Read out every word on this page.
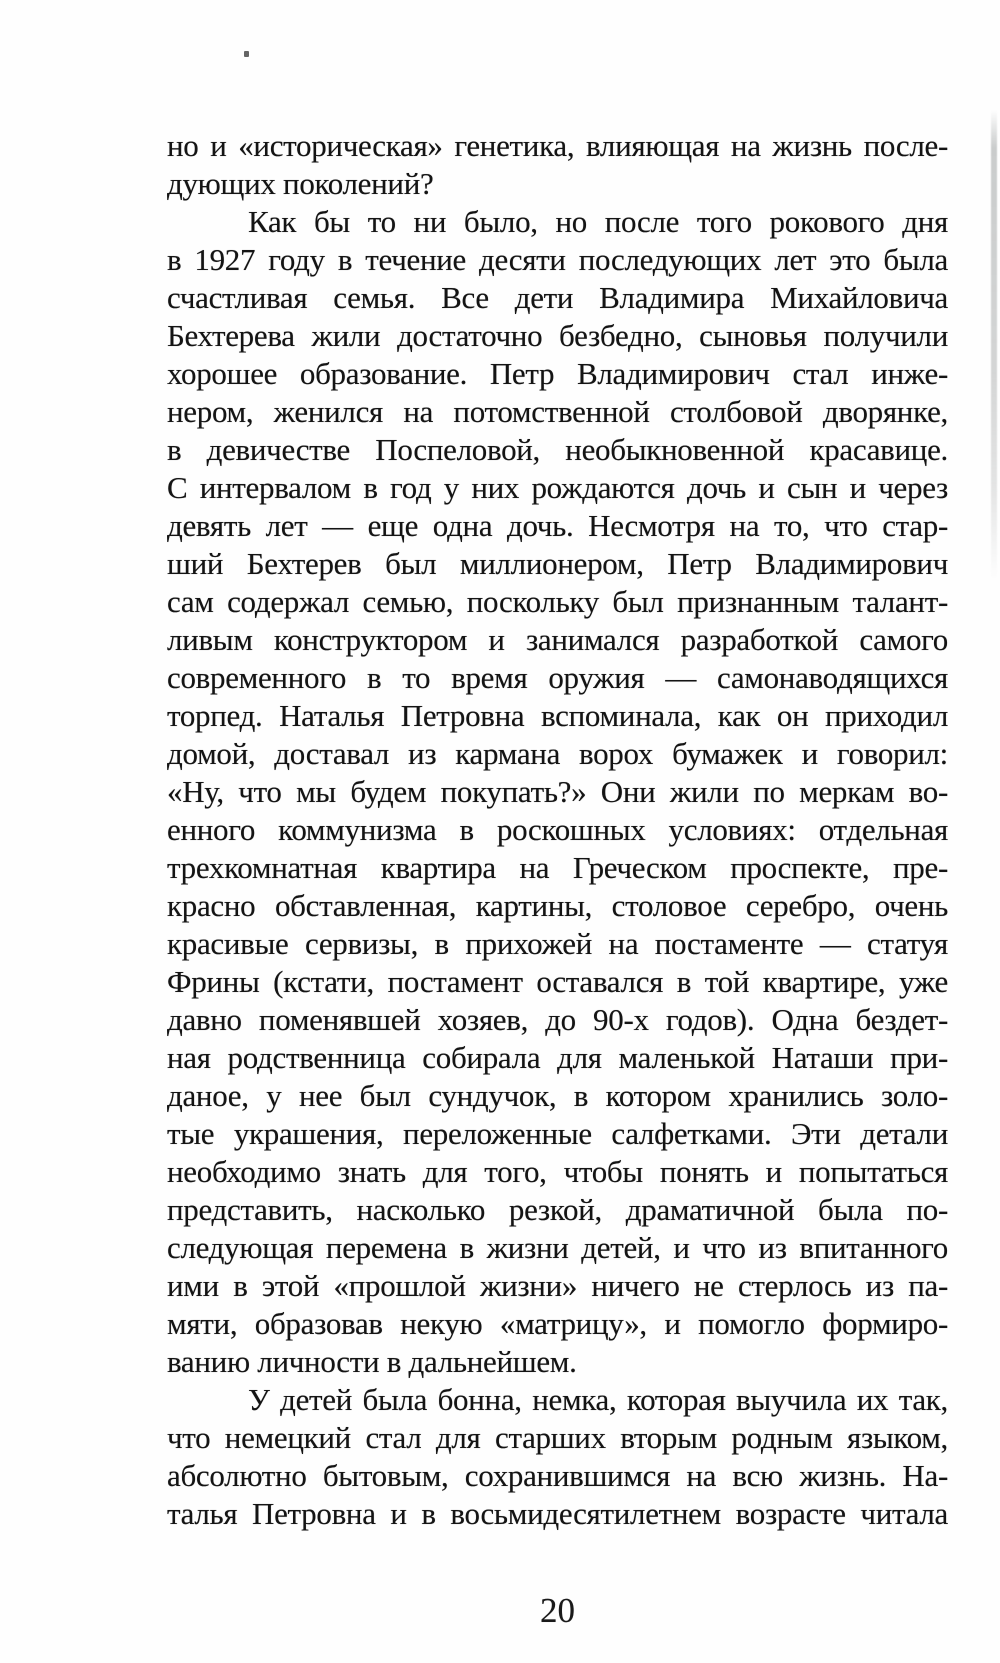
но и «историческая» генетика, влияющая на жизнь после-
дующих поколений?
Как бы то ни было, но после того рокового дня
в 1927 году в течение десяти последующих лет это была
счастливая семья. Все дети Владимира Михайловича
Бехтерева жили достаточно безбедно, сыновья получили
хорошее образование. Петр Владимирович стал инже-
нером, женился на потомственной столбовой дворянке,
в девичестве Поспеловой, необыкновенной красавице.
С интервалом в год у них рождаются дочь и сын и через
девять лет — еще одна дочь. Несмотря на то, что стар-
ший Бехтерев был миллионером, Петр Владимирович
сам содержал семью, поскольку был признанным талант-
ливым конструктором и занимался разработкой самого
современного в то время оружия — самонаводящихся
торпед. Наталья Петровна вспоминала, как он приходил
домой, доставал из кармана ворох бумажек и говорил:
«Ну, что мы будем покупать?» Они жили по меркам во-
енного коммунизма в роскошных условиях: отдельная
трехкомнатная квартира на Греческом проспекте, пре-
красно обставленная, картины, столовое серебро, очень
красивые сервизы, в прихожей на постаменте — статуя
Фрины (кстати, постамент оставался в той квартире, уже
давно поменявшей хозяев, до 90-х годов). Одна бездет-
ная родственница собирала для маленькой Наташи при-
даное, у нее был сундучок, в котором хранились золо-
тые украшения, переложенные салфетками. Эти детали
необходимо знать для того, чтобы понять и попытаться
представить, насколько резкой, драматичной была по-
следующая перемена в жизни детей, и что из впитанного
ими в этой «прошлой жизни» ничего не стерлось из па-
мяти, образовав некую «матрицу», и помогло формиро-
ванию личности в дальнейшем.
У детей была бонна, немка, которая выучила их так,
что немецкий стал для старших вторым родным языком,
абсолютно бытовым, сохранившимся на всю жизнь. На-
талья Петровна и в восьмидесятилетнем возрасте читала
20
